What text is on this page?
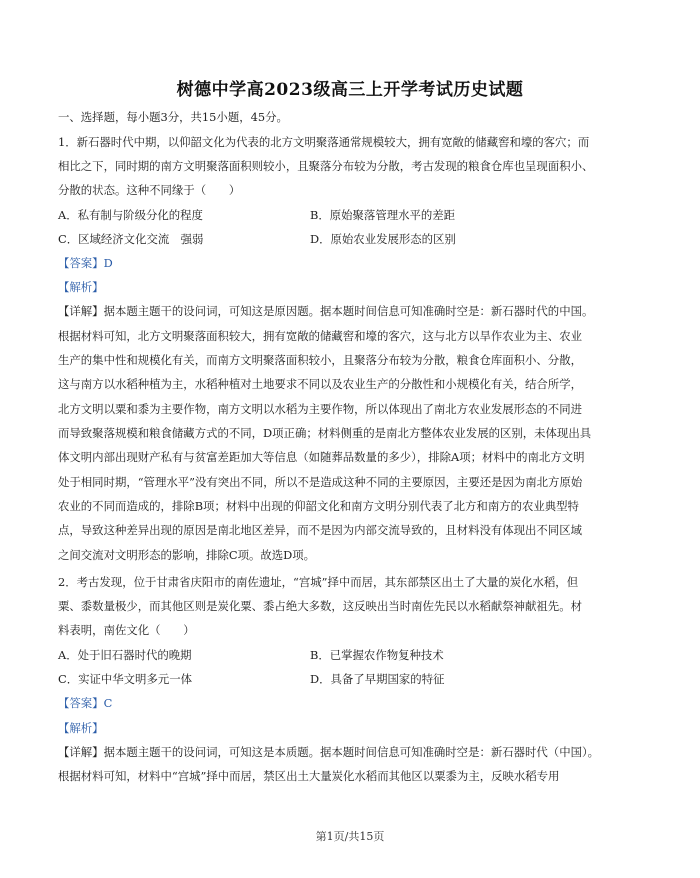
树德中学高2023级高三上开学考试历史试题
一、选择题，每小题3分，共15小题，45分。
1．新石器时代中期，以仰韶文化为代表的北方文明聚落通常规模较大，拥有宽敞的储藏窖和壕的客穴；而
相比之下，同时期的南方文明聚落面积则较小，且聚落分布较为分散，考古发现的粮食仓库也呈现面积小、
分散的状态。这种不同缘于（　　）
A．私有制与阶级分化的程度	B．原始聚落管理水平的差距
C．区域经济文化交流　强弱	D．原始农业发展形态的区别
【答案】D
【解析】
【详解】据本题主题干的设问词，可知这是原因题。据本题时间信息可知准确时空是：新石器时代的中国。
根据材料可知，北方文明聚落面积较大，拥有宽敞的储藏窖和壕的客穴，这与北方以旱作农业为主、农业
生产的集中性和规模化有关，而南方文明聚落面积较小，且聚落分布较为分散，粮食仓库面积小、分散，
这与南方以水稻种植为主，水稻种植对土地要求不同以及农业生产的分散性和小规模化有关，结合所学，
北方文明以粟和黍为主要作物，南方文明以水稻为主要作物，所以体现出了南北方农业发展形态的不同进
而导致聚落规模和粮食储藏方式的不同，D项正确；材料侧重的是南北方整体农业发展的区别，未体现出具
体文明内部出现财产私有与贫富差距加大等信息（如随葬品数量的多少），排除A项；材料中的南北方文明
处于相同时期，“管理水平”没有突出不同，所以不是造成这种不同的主要原因，主要还是因为南北方原始
农业的不同而造成的，排除B项；材料中出现的仰韶文化和南方文明分别代表了北方和南方的农业典型特
点，导致这种差异出现的原因是南北地区差异，而不是因为内部交流导致的，且材料没有体现出不同区域
之间交流对文明形态的影响，排除C项。故选D项。
2．考古发现，位于甘肃省庆阳市的南佐遗址，“宫城”择中而居，其东部禁区出土了大量的炭化水稻，但
粟、黍数量极少，而其他区则是炭化粟、黍占绝大多数，这反映出当时南佐先民以水稻献祭神献祖先。材
料表明，南佐文化（　　）
A．处于旧石器时代的晚期	B．已掌握农作物复种技术
C．实证中华文明多元一体	D．具备了早期国家的特征
【答案】C
【解析】
【详解】据本题主题干的设问词，可知这是本质题。据本题时间信息可知准确时空是：新石器时代（中国）。
根据材料可知，材料中“宫城”择中而居，禁区出土大量炭化水稻而其他区以粟黍为主，反映水稻专用
第1页/共15页
